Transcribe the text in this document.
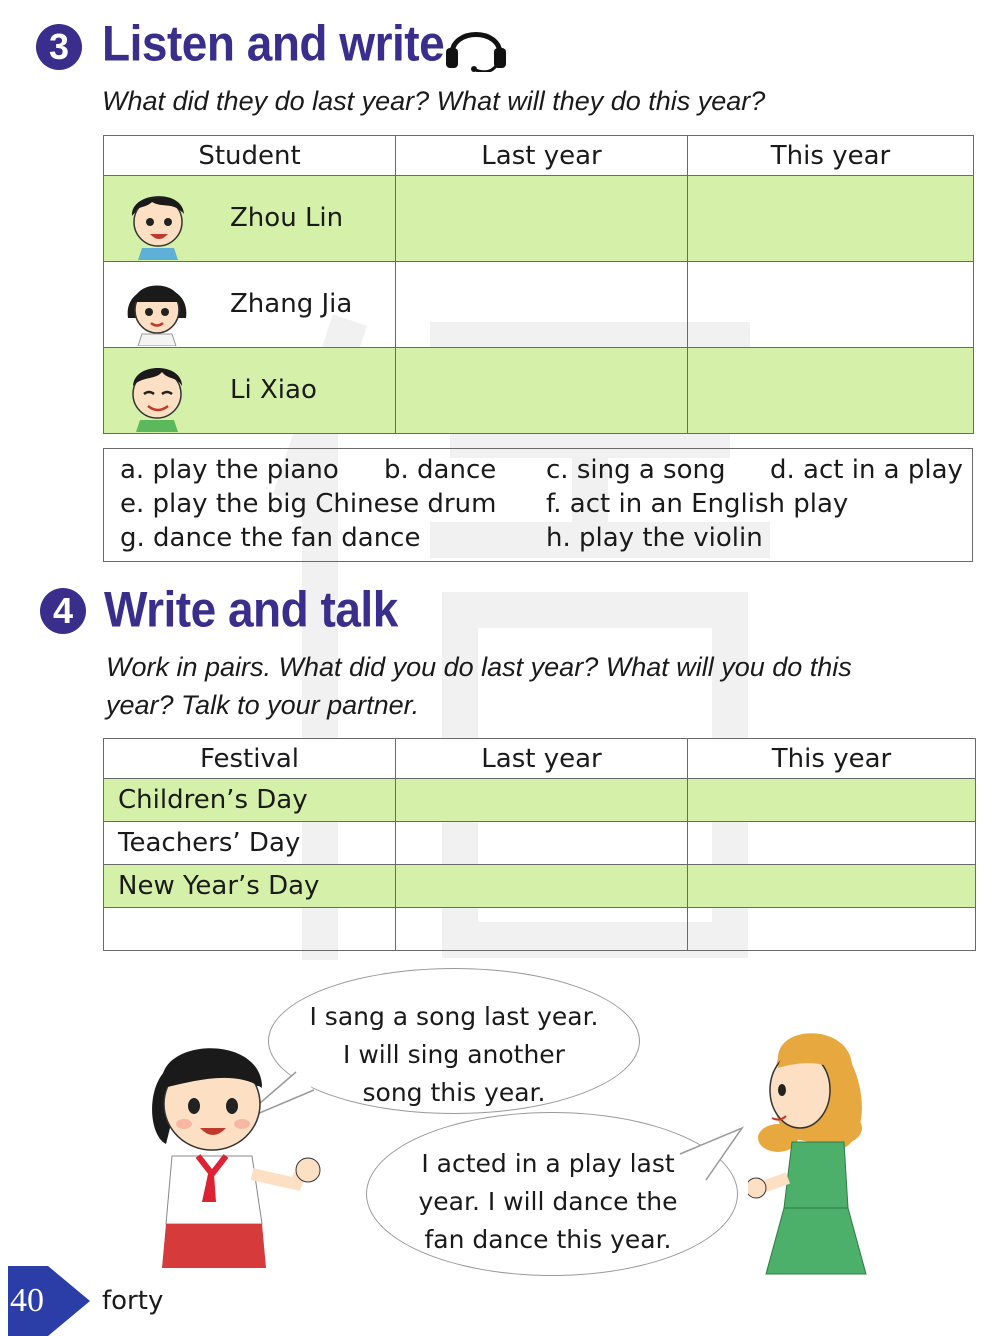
3 Listen and write
What did they do last year? What will they do this year?
Student	Last year	This year

Zhou Lin		

Zhang Jia		

Li Xiao		

a. play the piano b. dance c. sing a song d. act in a play
e. play the big Chinese drum f. act in an English play
g. dance the fan dance	h. play the violin
4 Write and talk
Work in pairs. What did you do last year? What will you do this
year? Talk to your partner.
Festival	Last year	This year
Children’s Day		
Teachers’ Day		
New Year’s Day		

I sang a song last year.
I will sing another
song this year.
I acted in a play last
year. I will dance the
fan dance this year.
40 forty
